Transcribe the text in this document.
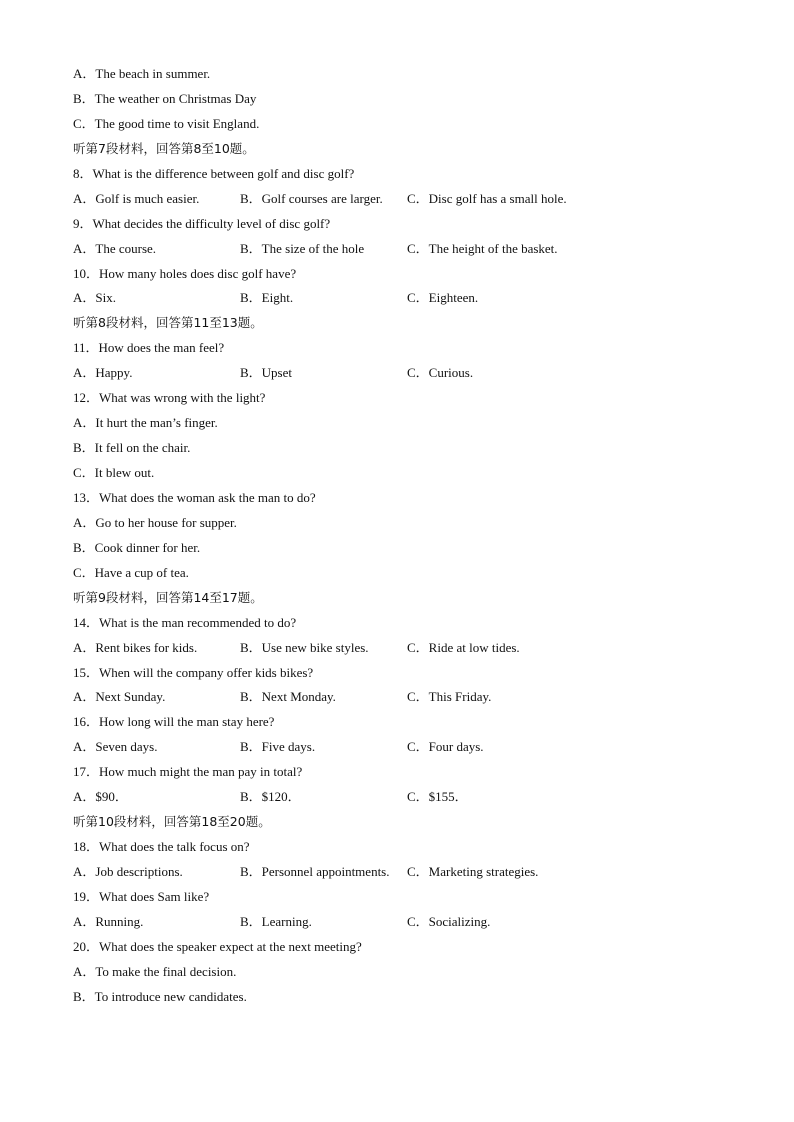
A．The beach in summer.
B．The weather on Christmas Day
C．The good time to visit England.
听第7段材料，回答第8至10题。
8．What is the difference between golf and disc golf?
A．Golf is much easier.	B．Golf courses are larger. C．Disc golf has a small hole.
9．What decides the difficulty level of disc golf?
A．The course.	B．The size of the hole	C．The height of the basket.
10．How many holes does disc golf have?
A．Six.	B．Eight.	C．Eighteen.
听第8段材料，回答第11至13题。
11．How does the man feel?
A．Happy.	B．Upset	C．Curious.
12．What was wrong with the light?
A．It hurt the man’s finger.
B．It fell on the chair.
C．It blew out.
13．What does the woman ask the man to do?
A．Go to her house for supper.
B．Cook dinner for her.
C．Have a cup of tea.
听第9段材料，回答第14至17题。
14．What is the man recommended to do?
A．Rent bikes for kids.	B．Use new bike styles.	C．Ride at low tides.
15．When will the company offer kids bikes?
A．Next Sunday.	B．Next Monday.	C．This Friday.
16．How long will the man stay here?
A．Seven days.	B．Five days.	C．Four days.
17．How much might the man pay in total?
A．$90．	B．$120．	C．$155．
听第10段材料，回答第18至20题。
18．What does the talk focus on?
A．Job descriptions.	B．Personnel appointments. C．Marketing strategies.
19．What does Sam like?
A．Running.	B．Learning.	C．Socializing.
20．What does the speaker expect at the next meeting?
A．To make the final decision.
B．To introduce new candidates.
